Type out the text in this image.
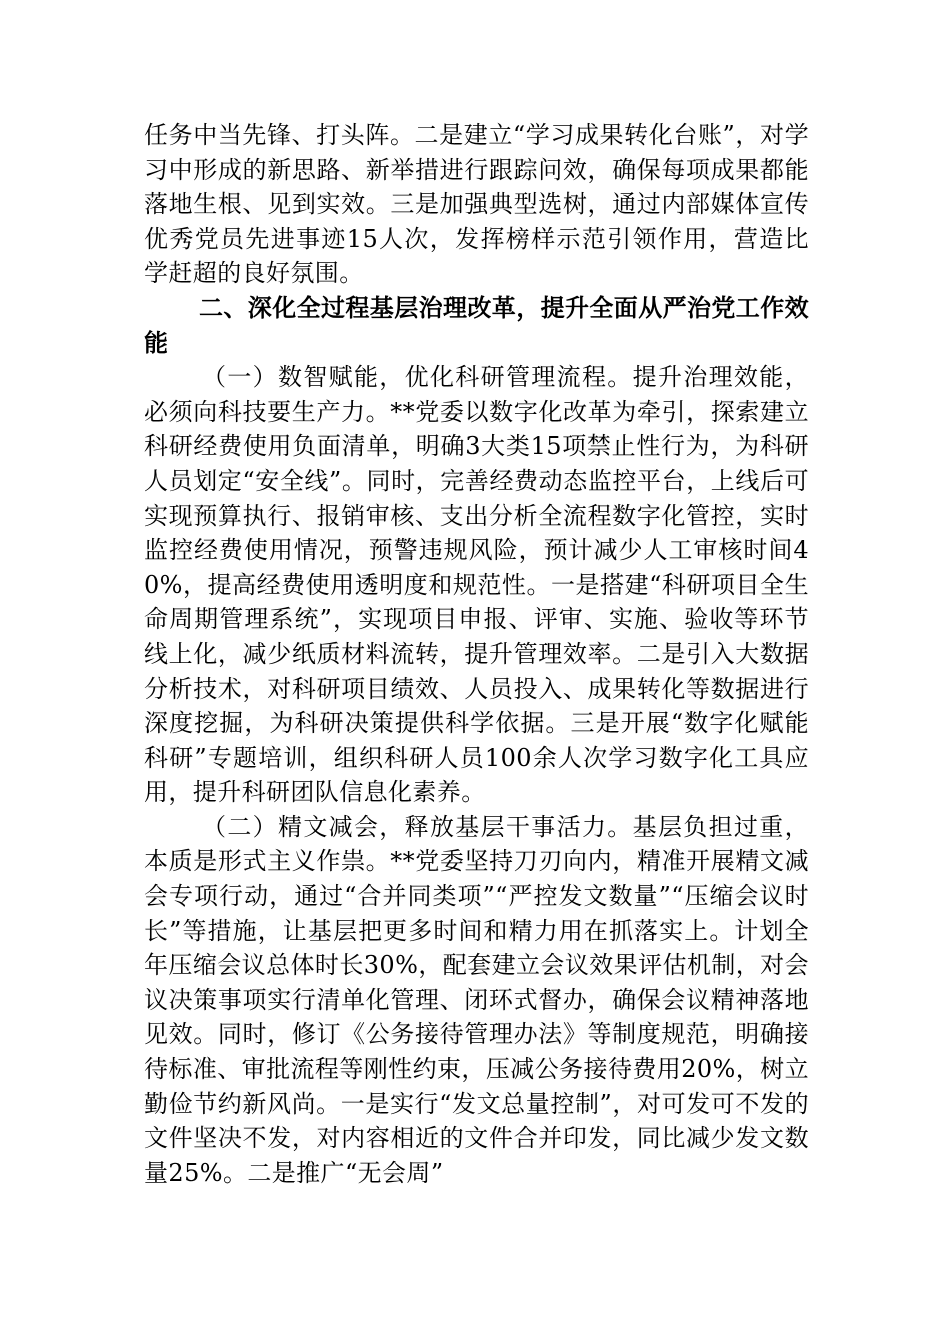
任务中当先锋、打头阵。二是建立“学习成果转化台账”，对学习中形成的新思路、新举措进行跟踪问效，确保每项成果都能落地生根、见到实效。三是加强典型选树，通过内部媒体宣传优秀党员先进事迹15人次，发挥榜样示范引领作用，营造比学赶超的良好氛围。

二、深化全过程基层治理改革，提升全面从严治党工作效能

（一）数智赋能，优化科研管理流程。提升治理效能，必须向科技要生产力。**党委以数字化改革为牵引，探索建立科研经费使用负面清单，明确3大类15项禁止性行为，为科研人员划定“安全线”。同时，完善经费动态监控平台，上线后可实现预算执行、报销审核、支出分析全流程数字化管控，实时监控经费使用情况，预警违规风险，预计减少人工审核时间40%，提高经费使用透明度和规范性。一是搭建“科研项目全生命周期管理系统”，实现项目申报、评审、实施、验收等环节线上化，减少纸质材料流转，提升管理效率。二是引入大数据分析技术，对科研项目绩效、人员投入、成果转化等数据进行深度挖掘，为科研决策提供科学依据。三是开展“数字化赋能科研”专题培训，组织科研人员100余人次学习数字化工具应用，提升科研团队信息化素养。

（二）精文减会，释放基层干事活力。基层负担过重，本质是形式主义作祟。**党委坚持刀刃向内，精准开展精文减会专项行动，通过“合并同类项”“严控发文数量”“压缩会议时长”等措施，让基层把更多时间和精力用在抓落实上。计划全年压缩会议总体时长30%，配套建立会议效果评估机制，对会议决策事项实行清单化管理、闭环式督办，确保会议精神落地见效。同时，修订《公务接待管理办法》等制度规范，明确接待标准、审批流程等刚性约束，压减公务接待费用20%，树立勤俭节约新风尚。一是实行“发文总量控制”，对可发可不发的文件坚决不发，对内容相近的文件合并印发，同比减少发文数量25%。二是推广“无会周”
